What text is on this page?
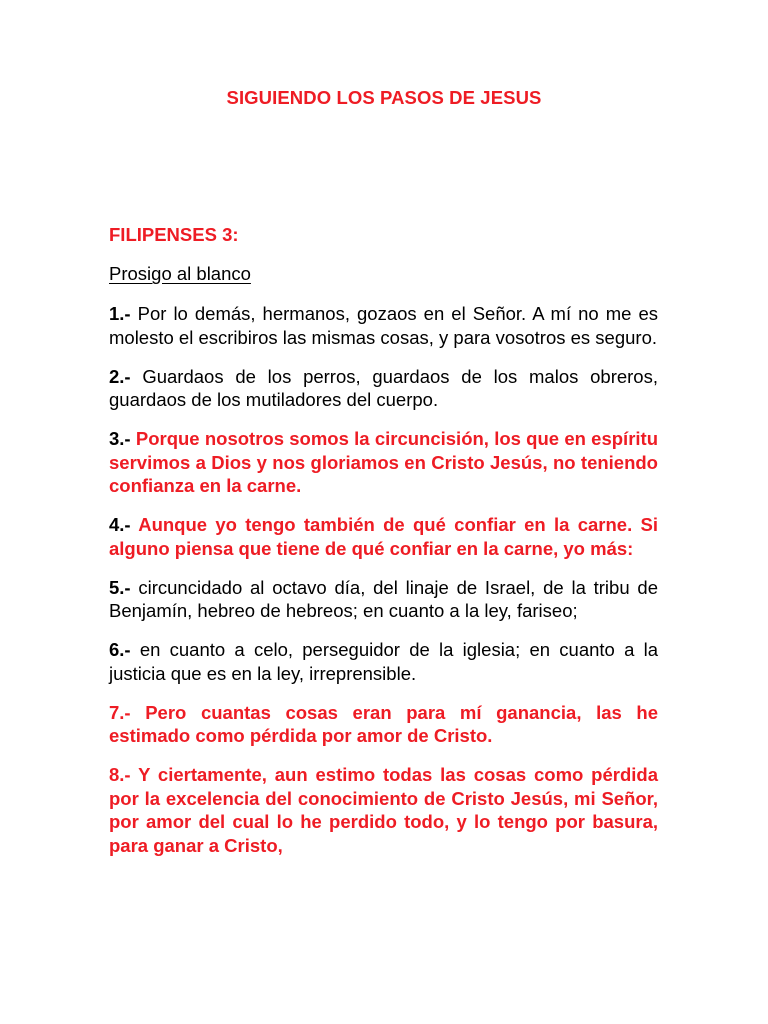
SIGUIENDO LOS PASOS DE JESUS
FILIPENSES 3:
Prosigo al blanco

1.- Por lo demás, hermanos, gozaos en el Señor. A mí no me es molesto el escribiros las mismas cosas, y para vosotros es seguro.

2.- Guardaos de los perros, guardaos de los malos obreros, guardaos de los mutiladores del cuerpo.

3.- Porque nosotros somos la circuncisión, los que en espíritu servimos a Dios y nos gloriamos en Cristo Jesús, no teniendo confianza en la carne.

4.- Aunque yo tengo también de qué confiar en la carne. Si alguno piensa que tiene de qué confiar en la carne, yo más:

5.- circuncidado al octavo día, del linaje de Israel, de la tribu de Benjamín, hebreo de hebreos; en cuanto a la ley, fariseo;

6.- en cuanto a celo, perseguidor de la iglesia; en cuanto a la justicia que es en la ley, irreprensible.

7.- Pero cuantas cosas eran para mí ganancia, las he estimado como pérdida por amor de Cristo.

8.- Y ciertamente, aun estimo todas las cosas como pérdida por la excelencia del conocimiento de Cristo Jesús, mi Señor, por amor del cual lo he perdido todo, y lo tengo por basura, para ganar a Cristo,
